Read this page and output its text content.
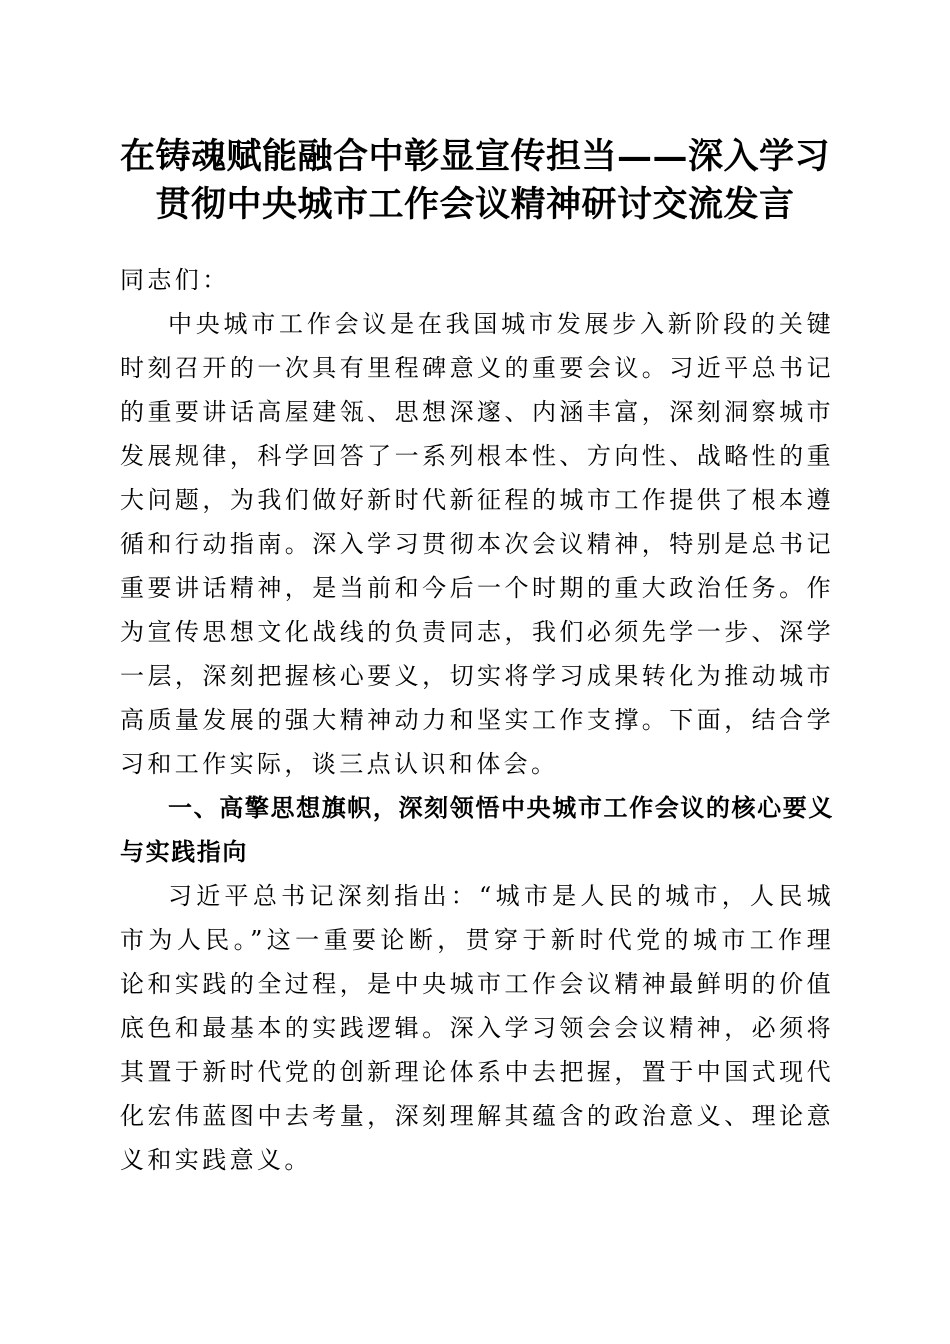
在铸魂赋能融合中彰显宣传担当——深入学习
贯彻中央城市工作会议精神研讨交流发言

同志们：

中央城市工作会议是在我国城市发展步入新阶段的关键时刻召开的一次具有里程碑意义的重要会议。习近平总书记的重要讲话高屋建瓴、思想深邃、内涵丰富，深刻洞察城市发展规律，科学回答了一系列根本性、方向性、战略性的重大问题，为我们做好新时代新征程的城市工作提供了根本遵循和行动指南。深入学习贯彻本次会议精神，特别是总书记重要讲话精神，是当前和今后一个时期的重大政治任务。作为宣传思想文化战线的负责同志，我们必须先学一步、深学一层，深刻把握核心要义，切实将学习成果转化为推动城市高质量发展的强大精神动力和坚实工作支撑。下面，结合学习和工作实际，谈三点认识和体会。

一、高擎思想旗帜，深刻领悟中央城市工作会议的核心要义与实践指向

习近平总书记深刻指出：“城市是人民的城市，人民城市为人民。”这一重要论断，贯穿于新时代党的城市工作理论和实践的全过程，是中央城市工作会议精神最鲜明的价值底色和最基本的实践逻辑。深入学习领会会议精神，必须将其置于新时代党的创新理论体系中去把握，置于中国式现代化宏伟蓝图中去考量，深刻理解其蕴含的政治意义、理论意义和实践意义。
